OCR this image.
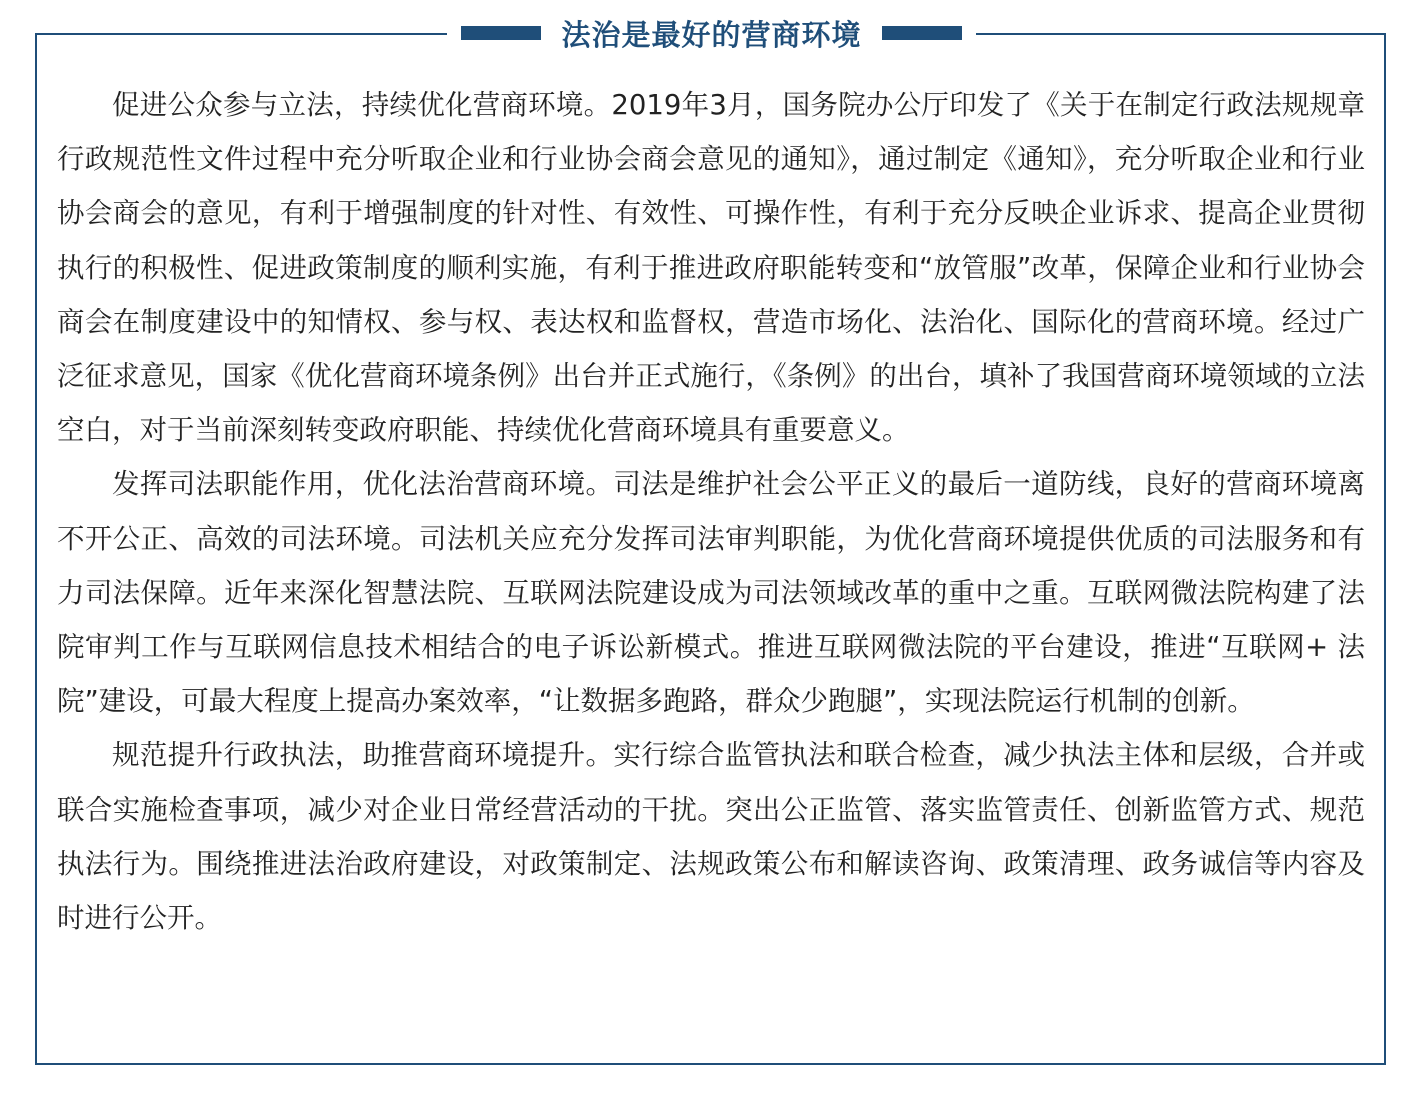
法治是最好的营商环境

促进公众参与立法，持续优化营商环境。2019年3月，国务院办公厅印发了《关于在制定行政法规规章行政规范性文件过程中充分听取企业和行业协会商会意见的通知》，通过制定《通知》，充分听取企业和行业协会商会的意见，有利于增强制度的针对性、有效性、可操作性，有利于充分反映企业诉求、提高企业贯彻执行的积极性、促进政策制度的顺利实施，有利于推进政府职能转变和“放管服”改革，保障企业和行业协会商会在制度建设中的知情权、参与权、表达权和监督权，营造市场化、法治化、国际化的营商环境。经过广泛征求意见，国家《优化营商环境条例》出台并正式施行，《条例》的出台，填补了我国营商环境领域的立法空白，对于当前深刻转变政府职能、持续优化营商环境具有重要意义。

发挥司法职能作用，优化法治营商环境。司法是维护社会公平正义的最后一道防线，良好的营商环境离不开公正、高效的司法环境。司法机关应充分发挥司法审判职能，为优化营商环境提供优质的司法服务和有力司法保障。近年来深化智慧法院、互联网法院建设成为司法领域改革的重中之重。互联网微法院构建了法院审判工作与互联网信息技术相结合的电子诉讼新模式。推进互联网微法院的平台建设，推进“互联网+ 法院”建设，可最大程度上提高办案效率，“让数据多跑路，群众少跑腿”，实现法院运行机制的创新。

规范提升行政执法，助推营商环境提升。实行综合监管执法和联合检查，减少执法主体和层级，合并或联合实施检查事项，减少对企业日常经营活动的干扰。突出公正监管、落实监管责任、创新监管方式、规范执法行为。围绕推进法治政府建设，对政策制定、法规政策公布和解读咨询、政策清理、政务诚信等内容及时进行公开。
